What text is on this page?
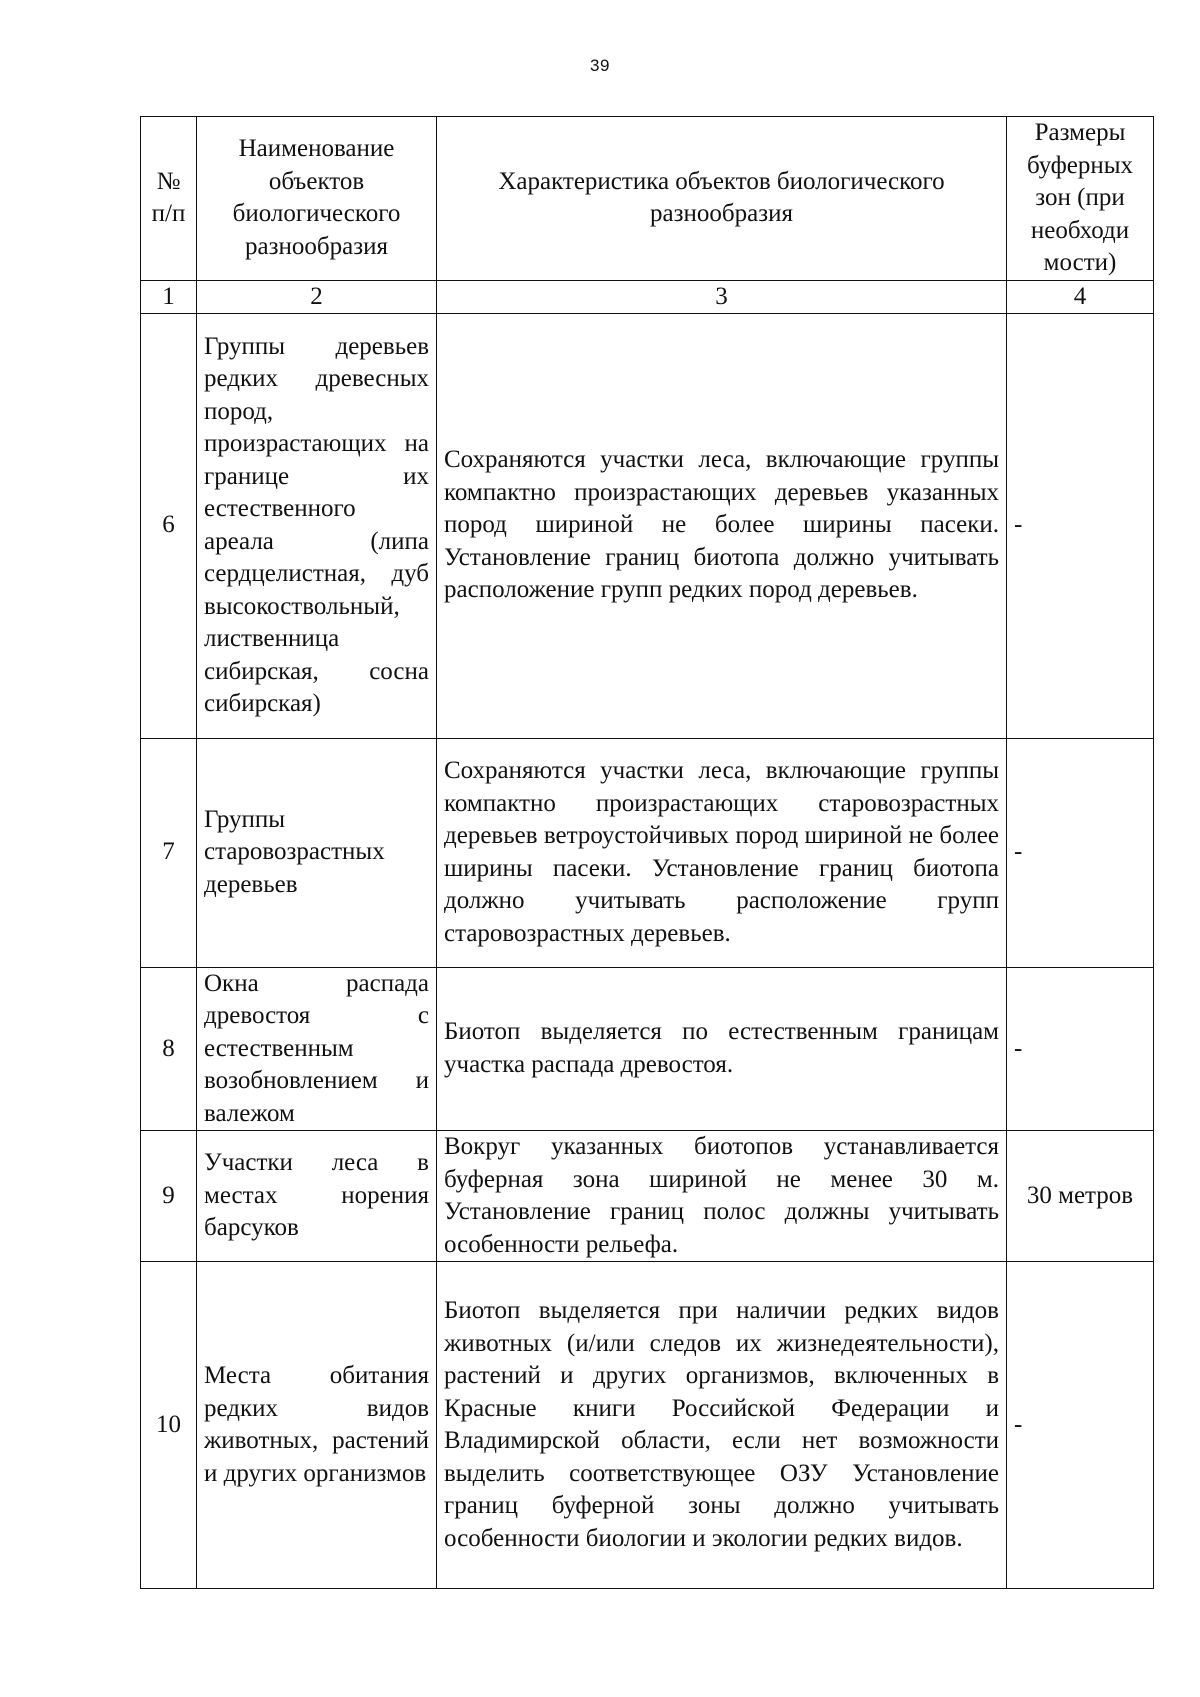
39
№ п/п	Наименование объектов биологического разнообразия	Характеристика объектов биологического разнообразия	Размеры буферных зон (при необходи мости)
1	2	3	4
6	Группы деревьев редких древесных пород, произрастающих на границе их естественного ареала (липа сердцелистная, дуб высокоствольный, лиственница сибирская, сосна сибирская)	Сохраняются участки леса, включающие группы компактно произрастающих деревьев указанных пород шириной не более ширины пасеки. Установление границ биотопа должно учитывать расположение групп редких пород деревьев.	-
7	Группы старовозрастных деревьев	Сохраняются участки леса, включающие группы компактно произрастающих старовозрастных деревьев ветроустойчивых пород шириной не более ширины пасеки. Установление границ биотопа должно учитывать расположение групп старовозрастных деревьев.	-
8	Окна распада древостоя с естественным возобновлением и валежом	Биотоп выделяется по естественным границам участка распада древостоя.	-
9	Участки леса в местах норения барсуков	Вокруг указанных биотопов устанавливается буферная зона шириной не менее 30 м. Установление границ полос должны учитывать особенности рельефа.	30 метров
10	Места обитания редких видов животных, растений и других организмов	Биотоп выделяется при наличии редких видов животных (и/или следов их жизнедеятельности), растений и других организмов, включенных в Красные книги Российской Федерации и Владимирской области, если нет возможности выделить соответствующее ОЗУ Установление границ буферной зоны должно учитывать особенности биологии и экологии редких видов.	-
